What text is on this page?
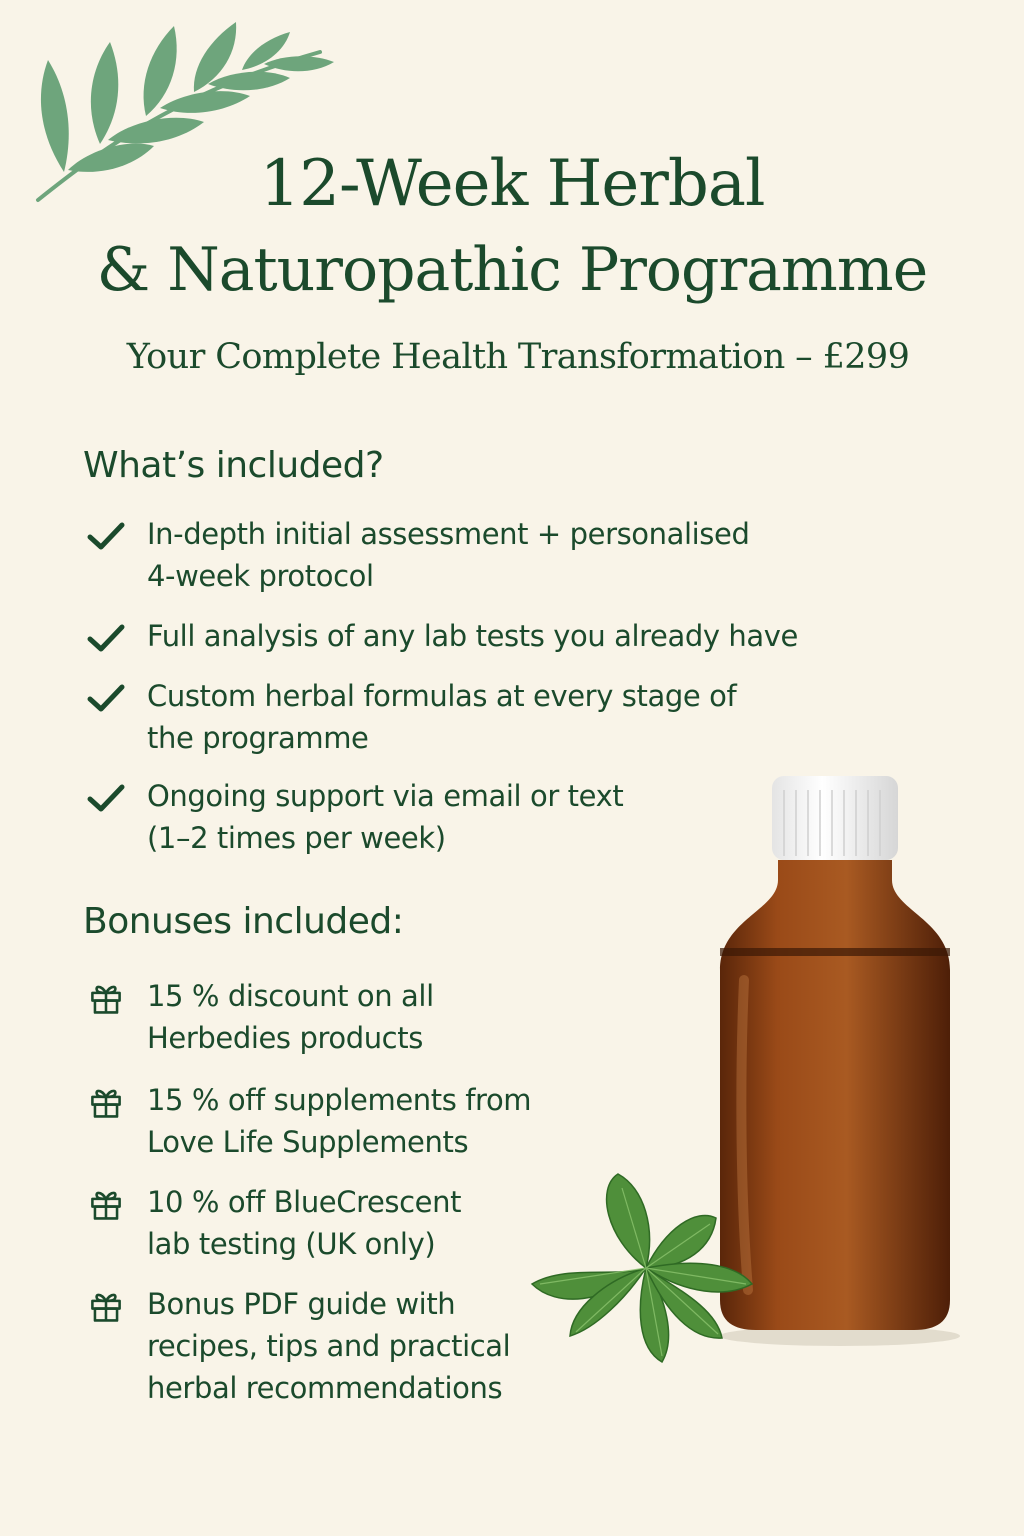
12-Week Herbal
& Naturopathic Programme
Your Complete Health Transformation – £299
What’s included?
In-depth initial assessment + personalised
4-week protocol
Full analysis of any lab tests you already have
Custom herbal formulas at every stage of
the programme
Ongoing support via email or text
(1–2 times per week)
Bonuses included:
15 % discount on all
Herbedies products
15 % off supplements from
Love Life Supplements
10 % off BlueCrescent
lab testing (UK only)
Bonus PDF guide with
recipes, tips and practical
herbal recommendations
